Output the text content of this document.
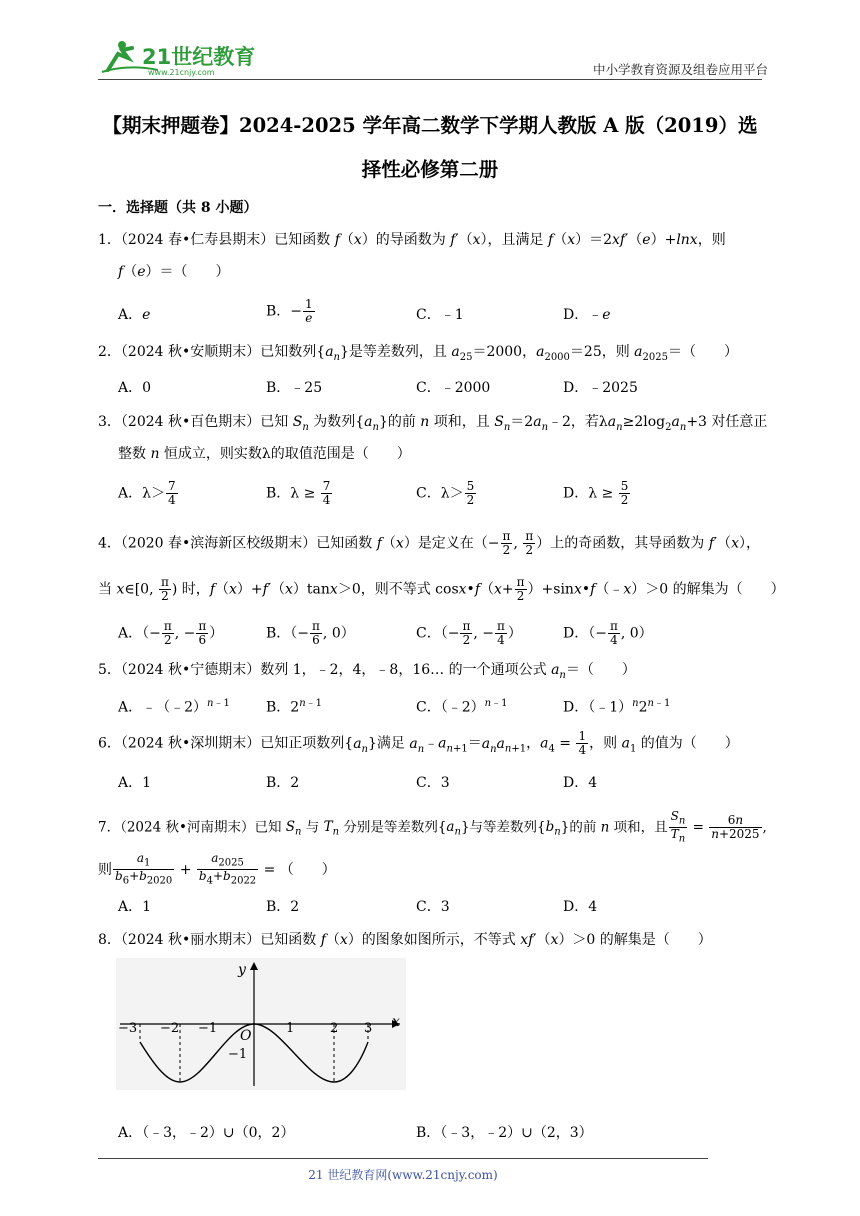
21世纪教育
www.21cnjy.com	中小学教育资源及组卷应用平台
【期末押题卷】2024-2025 学年高二数学下学期人教版 A 版（2019）选
择性必修第二册
一．选择题（共 8 小题）
1．（2024 春•仁寿县期末）已知函数 f（x）的导函数为 f′（x），且满足 f（x）＝2xf′（e）+lnx，则
f（e）＝（　　）
A．e	B．− $\frac{1}{e}$	C．﹣1	D．﹣e
2．（2024 秋•安顺期末）已知数列$\{a_n\}$是等差数列，且 $a_{25}=2000$，$a_{2000}=25$，则 $a_{2025}=$（　　）
A．0	B．﹣25	C．﹣2000	D．﹣2025
3．（2024 秋•百色期末）已知 $S_n$ 为数列$\{a_n\}$的前 n 项和，且 $S_n=2a_n﹣2$，若$\lambda a_n\ge 2\log_2a_n+3$ 对任意正
整数 n 恒成立，则实数λ的取值范围是（　　）
A．$\lambda> \frac{7}{4}$	B．$\lambda \ge \frac{7}{4}$	C．$\lambda> \frac{5}{2}$	D．$\lambda \ge \frac{5}{2}$
4．（2020 春•滨海新区校级期末）已知函数 f（x）是定义在（− $\frac{\pi}{2}$ , $\frac{\pi}{2}$ ）上的奇函数，其导函数为 f′（x），
当 x∈[0, $\frac{\pi}{2}$ ) 时，f（x）+f′（x）tanx＞0，则不等式 cosx•f（x+ $\frac{\pi}{2}$ ）+sinx•f（﹣x）＞0 的解集为（　　）
A．（− $\frac{\pi}{2}$ , − $\frac{\pi}{6}$ ）	B．（− $\frac{\pi}{6}$ , 0）	C．（− $\frac{\pi}{2}$ , − $\frac{\pi}{4}$ ）	D．（− $\frac{\pi}{4}$ , 0）
5．（2024 秋•宁德期末）数列 1，﹣2，4，﹣8，16… 的一个通项公式 $a_n=$（　　）
A．﹣（﹣2）$^{n﹣1}$	B．$2^{n﹣1}$	C．（﹣2）$^{n﹣1}$	D．$(﹣1)^n2^{n﹣1}$
6．（2024 秋•深圳期末）已知正项数列$\{a_n\}$满足 $a_n﹣a_{n+1}=a_na_{n+1}$，$a_4 = \frac{1}{4}$ ，则 $a_1$ 的值为（　　）
A．1	B．2	C．3	D．4
7．（2024 秋•河南期末）已知 $S_n$ 与 $T_n$ 分别是等差数列$\{a_n\}$与等差数列$\{b_n\}$的前 n 项和，且 $\frac{S_n}{T_n} = \frac{6n}{n+2025}$ ,
则 $\frac{a_1}{b_6+b_{2020}} + \frac{a_{2025}}{b_4+b_{2022}}$ = （　　）
A．1	B．2	C．3	D．4
8．（2024 秋•丽水期末）已知函数 f（x）的图象如图所示，不等式 xf′（x）＞0 的解集是（　　）
y
x
O
−3 −2 −1	1	2 3
−1
A．（﹣3，﹣2）∪（0，2）	B．（﹣3，﹣2）∪（2，3）
21 世纪教育网(www.21cnjy.com)
